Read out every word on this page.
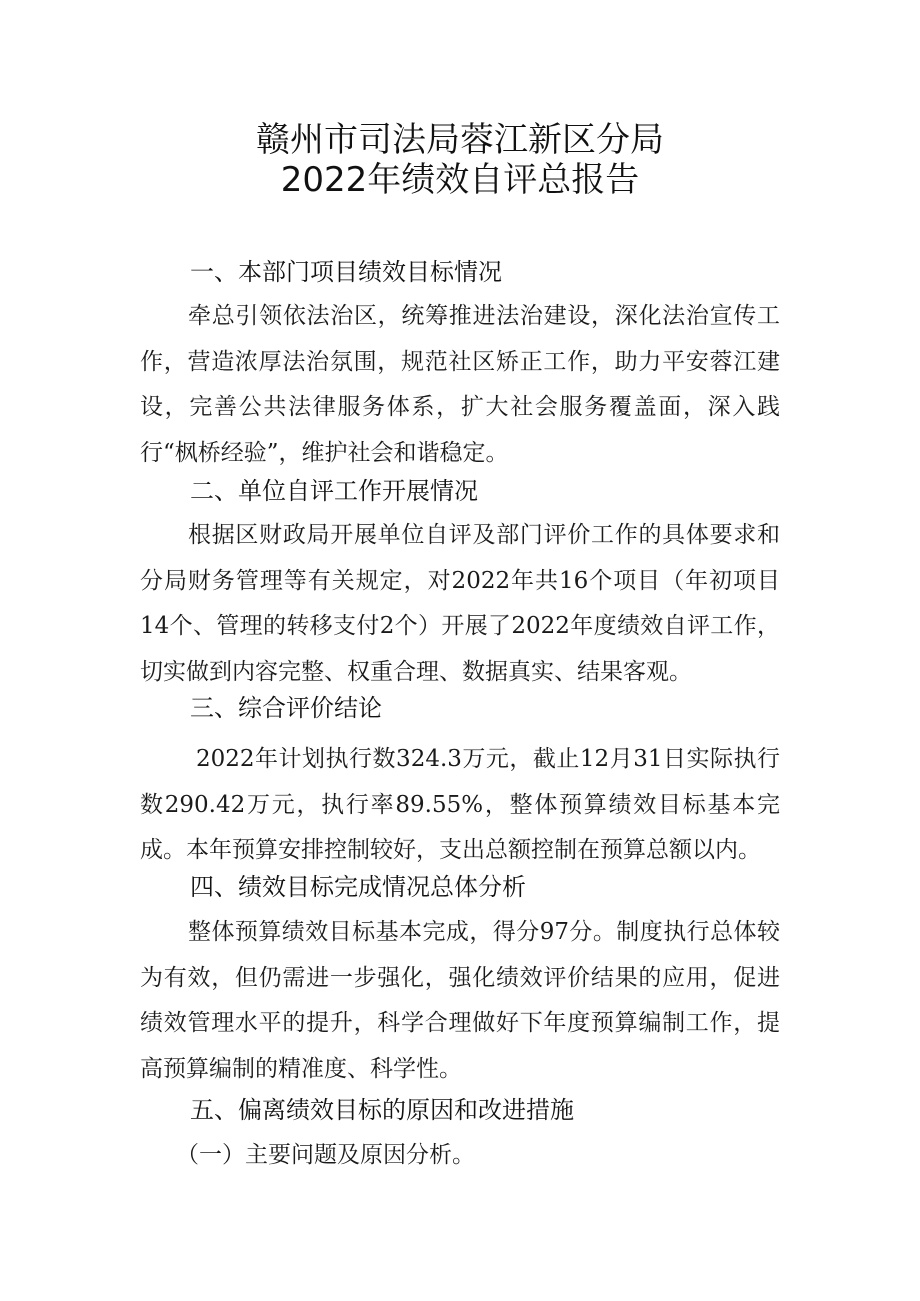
赣州市司法局蓉江新区分局
2022年绩效自评总报告
一、本部门项目绩效目标情况

牵总引领依法治区，统筹推进法治建设，深化法治宣传工作，营造浓厚法治氛围，规范社区矫正工作，助力平安蓉江建设，完善公共法律服务体系，扩大社会服务覆盖面，深入践行“枫桥经验”，维护社会和谐稳定。

二、单位自评工作开展情况

根据区财政局开展单位自评及部门评价工作的具体要求和分局财务管理等有关规定，对2022年共16个项目（年初项目14个、管理的转移支付2个）开展了2022年度绩效自评工作，切实做到内容完整、权重合理、数据真实、结果客观。

三、综合评价结论

2022年计划执行数324.3万元，截止12月31日实际执行数290.42万元，执行率89.55%，整体预算绩效目标基本完成。本年预算安排控制较好，支出总额控制在预算总额以内。

四、绩效目标完成情况总体分析

整体预算绩效目标基本完成，得分97分。制度执行总体较为有效，但仍需进一步强化，强化绩效评价结果的应用，促进绩效管理水平的提升，科学合理做好下年度预算编制工作，提高预算编制的精准度、科学性。

五、偏离绩效目标的原因和改进措施

（一）主要问题及原因分析。
